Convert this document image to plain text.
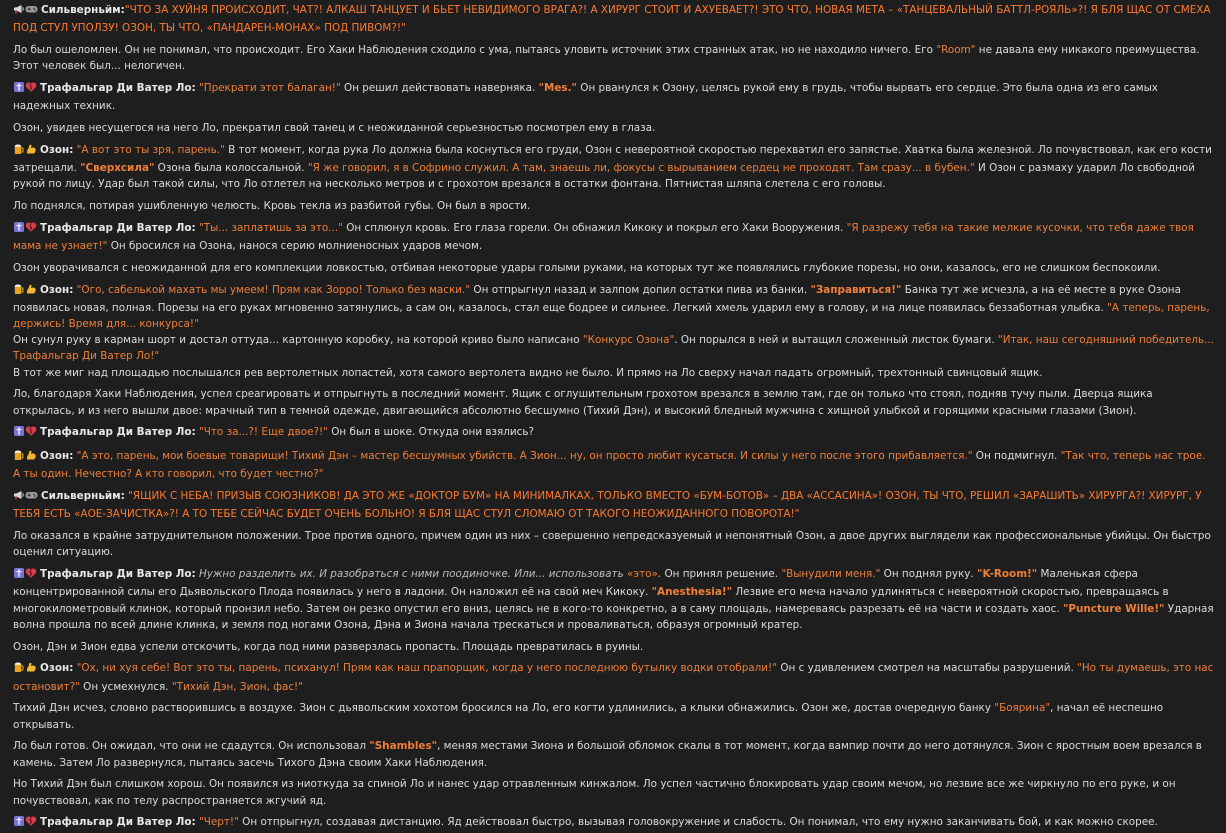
Сильверньйм:"ЧТО ЗА ХУЙНЯ ПРОИСХОДИТ, ЧАТ?! АЛКАШ ТАНЦУЕТ И БЬЕТ НЕВИДИМОГО ВРАГА?! А ХИРУРГ СТОИТ И АХУЕВАЕТ?! ЭТО ЧТО, НОВАЯ МЕТА – «ТАНЦЕВАЛЬНЫЙ БАТТЛ-РОЯЛЬ»?! Я БЛЯ ЩАС ОТ СМЕХА ПОД СТУЛ УПОЛЗУ! ОЗОН, ТЫ ЧТО, «ПАНДАРЕН-МОНАХ» ПОД ПИВОМ?!"
Ло был ошеломлен. Он не понимал, что происходит. Его Хаки Наблюдения сходило с ума, пытаясь уловить источник этих странных атак, но не находило ничего. Его "Room" не давала ему никакого преимущества. Этот человек был... нелогичен.
Трафальгар Ди Ватер Ло: "Прекрати этот балаган!" Он решил действовать наверняка. "Mes." Он рванулся к Озону, целясь рукой ему в грудь, чтобы вырвать его сердце. Это была одна из его самых надежных техник.
Озон, увидев несущегося на него Ло, прекратил свой танец и с неожиданной серьезностью посмотрел ему в глаза.
Озон: "А вот это ты зря, парень." В тот момент, когда рука Ло должна была коснуться его груди, Озон с невероятной скоростью перехватил его запястье. Хватка была железной. Ло почувствовал, как его кости затрещали. "Сверхсила" Озона была колоссальной. "Я же говорил, я в Софрино служил. А там, знаешь ли, фокусы с вырыванием сердец не проходят. Там сразу... в бубен." И Озон с размаху ударил Ло свободной рукой по лицу. Удар был такой силы, что Ло отлетел на несколько метров и с грохотом врезался в остатки фонтана. Пятнистая шляпа слетела с его головы.
Ло поднялся, потирая ушибленную челюсть. Кровь текла из разбитой губы. Он был в ярости.
Трафальгар Ди Ватер Ло: "Ты... заплатишь за это..." Он сплюнул кровь. Его глаза горели. Он обнажил Кикоку и покрыл его Хаки Вооружения. "Я разрежу тебя на такие мелкие кусочки, что тебя даже твоя мама не узнает!" Он бросился на Озона, нанося серию молниеносных ударов мечом.
Озон уворачивался с неожиданной для его комплекции ловкостью, отбивая некоторые удары голыми руками, на которых тут же появлялись глубокие порезы, но они, казалось, его не слишком беспокоили.
Озон: "Ого, сабелькой махать мы умеем! Прям как Зорро! Только без маски." Он отпрыгнул назад и залпом допил остатки пива из банки. "Заправиться!" Банка тут же исчезла, а на её месте в руке Озона появилась новая, полная. Порезы на его руках мгновенно затянулись, а сам он, казалось, стал еще бодрее и сильнее. Легкий хмель ударил ему в голову, и на лице появилась беззаботная улыбка. "А теперь, парень, держись! Время для... конкурса!"
Он сунул руку в карман шорт и достал оттуда... картонную коробку, на которой криво было написано "Конкурс Озона". Он порылся в ней и вытащил сложенный листок бумаги. "Итак, наш сегодняшний победитель... Трафальгар Ди Ватер Ло!"
В тот же миг над площадью послышался рев вертолетных лопастей, хотя самого вертолета видно не было. И прямо на Ло сверху начал падать огромный, трехтонный свинцовый ящик.
Ло, благодаря Хаки Наблюдения, успел среагировать и отпрыгнуть в последний момент. Ящик с оглушительным грохотом врезался в землю там, где он только что стоял, подняв тучу пыли. Дверца ящика открылась, и из него вышли двое: мрачный тип в темной одежде, двигающийся абсолютно бесшумно (Тихий Дэн), и высокий бледный мужчина с хищной улыбкой и горящими красными глазами (Зион).
Трафальгар Ди Ватер Ло: "Что за...?! Еще двое?!" Он был в шоке. Откуда они взялись?
Озон: "А это, парень, мои боевые товарищи! Тихий Дэн – мастер бесшумных убийств. А Зион... ну, он просто любит кусаться. И силы у него после этого прибавляется." Он подмигнул. "Так что, теперь нас трое. А ты один. Нечестно? А кто говорил, что будет честно?"
Сильверньйм: "ЯЩИК С НЕБА! ПРИЗЫВ СОЮЗНИКОВ! ДА ЭТО ЖЕ «ДОКТОР БУМ» НА МИНИМАЛКАХ, ТОЛЬКО ВМЕСТО «БУМ-БОТОВ» – ДВА «АССАСИНА»! ОЗОН, ТЫ ЧТО, РЕШИЛ «ЗАРАШИТЬ» ХИРУРГА?! ХИРУРГ, У ТЕБЯ ЕСТЬ «АОЕ-ЗАЧИСТКА»?! А ТО ТЕБЕ СЕЙЧАС БУДЕТ ОЧЕНЬ БОЛЬНО! Я БЛЯ ЩАС СТУЛ СЛОМАЮ ОТ ТАКОГО НЕОЖИДАННОГО ПОВОРОТА!"
Ло оказался в крайне затруднительном положении. Трое против одного, причем один из них – совершенно непредсказуемый и непонятный Озон, а двое других выглядели как профессиональные убийцы. Он быстро оценил ситуацию.
Трафальгар Ди Ватер Ло: Нужно разделить их. И разобраться с ними поодиночке. Или... использовать «это». Он принял решение. "Вынудили меня." Он поднял руку. "K-Room!" Маленькая сфера концентрированной силы его Дьявольского Плода появилась у него в ладони. Он наложил её на свой меч Кикоку. "Anesthesia!" Лезвие его меча начало удлиняться с невероятной скоростью, превращаясь в многокилометровый клинок, который пронзил небо. Затем он резко опустил его вниз, целясь не в кого-то конкретно, а в саму площадь, намереваясь разрезать её на части и создать хаос. "Puncture Wille!" Ударная волна прошла по всей длине клинка, и земля под ногами Озона, Дэна и Зиона начала трескаться и проваливаться, образуя огромный кратер.
Озон, Дэн и Зион едва успели отскочить, когда под ними разверзлась пропасть. Площадь превратилась в руины.
Озон: "Ох, ни хуя себе! Вот это ты, парень, психанул! Прям как наш прапорщик, когда у него последнюю бутылку водки отобрали!" Он с удивлением смотрел на масштабы разрушений. "Но ты думаешь, это нас остановит?" Он усмехнулся. "Тихий Дэн, Зион, фас!"
Тихий Дэн исчез, словно растворившись в воздухе. Зион с дьявольским хохотом бросился на Ло, его когти удлинились, а клыки обнажились. Озон же, достав очередную банку "Бояринa", начал её неспешно открывать.
Ло был готов. Он ожидал, что они не сдадутся. Он использовал "Shambles", меняя местами Зиона и большой обломок скалы в тот момент, когда вампир почти до него дотянулся. Зион с яростным воем врезался в камень. Затем Ло развернулся, пытаясь засечь Тихого Дэна своим Хаки Наблюдения.
Но Тихий Дэн был слишком хорош. Он появился из ниоткуда за спиной Ло и нанес удар отравленным кинжалом. Ло успел частично блокировать удар своим мечом, но лезвие все же чиркнуло по его руке, и он почувствовал, как по телу распространяется жгучий яд.
Трафальгар Ди Ватер Ло: "Черт!" Он отпрыгнул, создавая дистанцию. Яд действовал быстро, вызывая головокружение и слабость. Он понимал, что ему нужно заканчивать бой, и как можно скорее.
